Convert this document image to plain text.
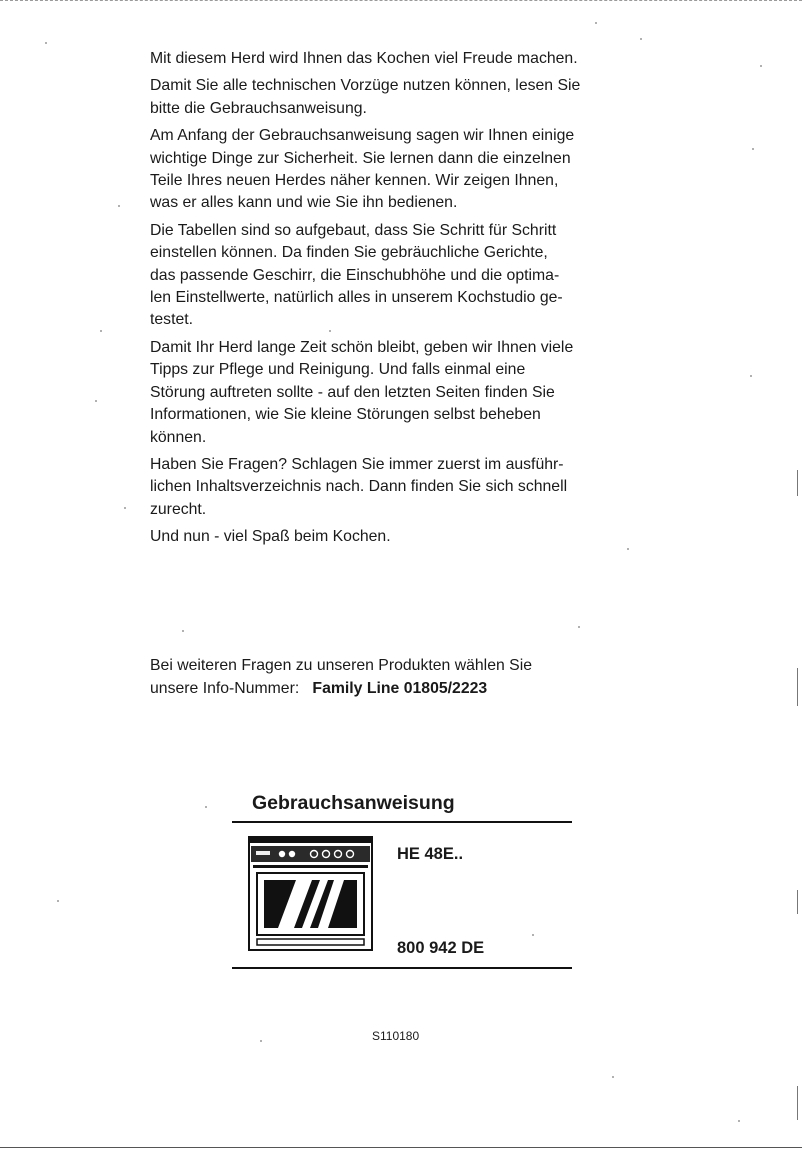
Mit diesem Herd wird Ihnen das Kochen viel Freude machen.

Damit Sie alle technischen Vorzüge nutzen können, lesen Sie
bitte die Gebrauchsanweisung.

Am Anfang der Gebrauchsanweisung sagen wir Ihnen einige
wichtige Dinge zur Sicherheit. Sie lernen dann die einzelnen
Teile Ihres neuen Herdes näher kennen. Wir zeigen Ihnen,
was er alles kann und wie Sie ihn bedienen.

Die Tabellen sind so aufgebaut, dass Sie Schritt für Schritt
einstellen können. Da finden Sie gebräuchliche Gerichte,
das passende Geschirr, die Einschubhöhe und die optima-
len Einstellwerte, natürlich alles in unserem Kochstudio ge-
testet.

Damit Ihr Herd lange Zeit schön bleibt, geben wir Ihnen viele
Tipps zur Pflege und Reinigung. Und falls einmal eine
Störung auftreten sollte - auf den letzten Seiten finden Sie
Informationen, wie Sie kleine Störungen selbst beheben
können.

Haben Sie Fragen? Schlagen Sie immer zuerst im ausführ-
lichen Inhaltsverzeichnis nach. Dann finden Sie sich schnell
zurecht.

Und nun - viel Spaß beim Kochen.

Bei weiteren Fragen zu unseren Produkten wählen Sie
unsere Info-Nummer: Family Line 01805/2223
Gebrauchsanweisung
HE 48E..
800 942 DE
S110180
